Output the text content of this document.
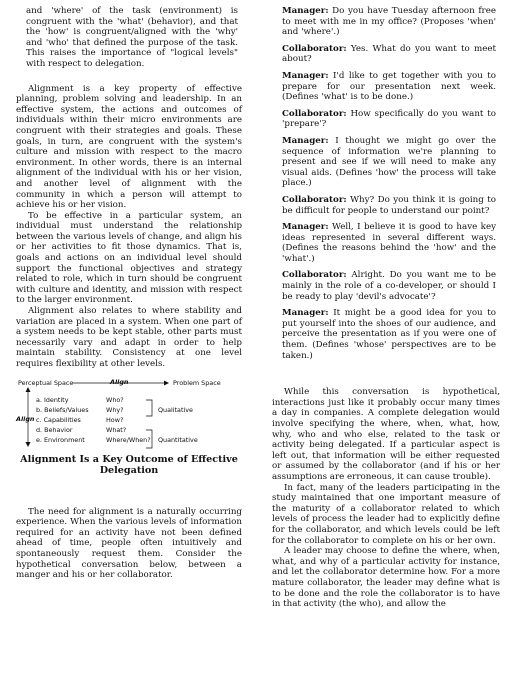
and 'where' of the task (environment) is congruent with the 'what' (behavior), and that the 'how' is congruent/aligned with the 'why' and 'who' that defined the purpose of the task. This raises the importance of "logical levels" with respect to delegation.

Alignment is a key property of effective planning, problem solving and leadership. In an effective system, the actions and outcomes of individuals within their micro environments are congruent with their strategies and goals. These goals, in turn, are congruent with the system's culture and mission with respect to the macro environment. In other words, there is an internal alignment of the individual with his or her vision, and another level of alignment with the community in which a person will attempt to achieve his or her vision.

To be effective in a particular system, an individual must understand the relationship between the various levels of change, and align his or her activities to fit those dynamics. That is, goals and actions on an individual level should support the functional objectives and strategy related to role, which in turn should be congruent with culture and identity, and mission with respect to the larger environment.

Alignment also relates to where stability and variation are placed in a system. When one part of a system needs to be kept stable, other parts must necessarily vary and adapt in order to help maintain stability. Consistency at one level requires flexibility at other levels.

Perceptual Space	Align	Problem Space
Align
a. Identity
b. Beliefs/Values
c. Capabilities
d. Behavior
e. Environment
Who?
Why?
How?
What?
Where/When?
Qualitative
Quantitative

Alignment Is a Key Outcome of Effective Delegation

The need for alignment is a naturally occurring experience. When the various levels of information required for an activity have not been defined ahead of time, people often intuitively and spontaneously request them. Consider the hypothetical conversation below, between a manger and his or her collaborator.

Manager: Do you have Tuesday afternoon free to meet with me in my office? (Proposes 'when' and 'where'.)

Collaborator: Yes. What do you want to meet about?

Manager: I'd like to get together with you to prepare for our presentation next week. (Defines 'what' is to be done.)

Collaborator: How specifically do you want to 'prepare'?

Manager: I thought we might go over the sequence of information we're planning to present and see if we will need to make any visual aids. (Defines 'how' the process will take place.)

Collaborator: Why? Do you think it is going to be difficult for people to understand our point?

Manager: Well, I believe it is good to have key ideas represented in several different ways. (Defines the reasons behind the 'how' and the 'what'.)

Collaborator: Alright. Do you want me to be mainly in the role of a co-developer, or should I be ready to play 'devil's advocate'?

Manager: It might be a good idea for you to put yourself into the shoes of our audience, and perceive the presentation as if you were one of them. (Defines 'whose' perspectives are to be taken.)

While this conversation is hypothetical, interactions just like it probably occur many times a day in companies. A complete delegation would involve specifying the where, when, what, how, why, who and who else, related to the task or activity being delegated. If a particular aspect is left out, that information will be either requested or assumed by the collaborator (and if his or her assumptions are erroneous, it can cause trouble).

In fact, many of the leaders participating in the study maintained that one important measure of the maturity of a collaborator related to which levels of process the leader had to explicitly define for the collaborator, and which levels could be left for the collaborator to complete on his or her own.

A leader may choose to define the where, when, what, and why of a particular activity for instance, and let the collaborator determine how. For a more mature collaborator, the leader may define what is to be done and the role the collaborator is to have in that activity (the who), and allow the
